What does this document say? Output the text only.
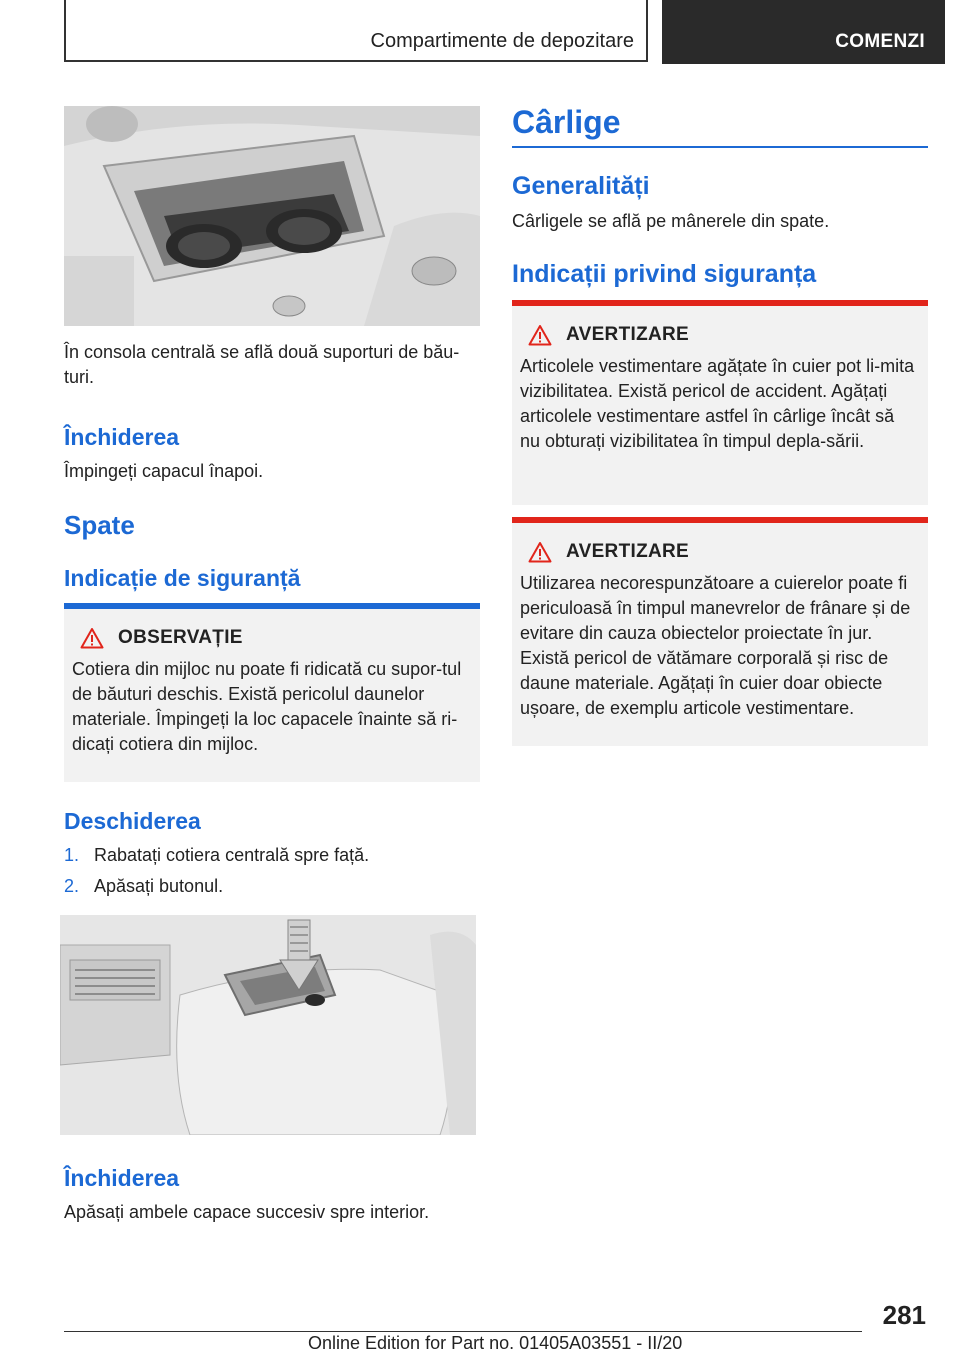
Compartimente de depozitare	COMENZI

În consola centrală se află două suporturi de bău‐turi.

Închiderea

Împingeți capacul înapoi.

Spate
Indicație de siguranță
OBSERVAȚIE

Cotiera din mijloc nu poate fi ridicată cu supor‐tul de băuturi deschis. Există pericolul daunelor materiale. Împingeți la loc capacele înainte să ri‐dicați cotiera din mijloc.

Deschiderea
1. Rabatați cotiera centrală spre față.
2. Apăsați butonul.
Închiderea

Apăsați ambele capace succesiv spre interior.

Cârlige
Generalități

Cârligele se află pe mânerele din spate.

Indicații privind siguranța
AVERTIZARE

Articolele vestimentare agățate în cuier pot li‐mita vizibilitatea. Există pericol de accident. Agățați articolele vestimentare astfel în cârlige încât să nu obturați vizibilitatea în timpul depla‐sării.

AVERTIZARE

Utilizarea necorespunzătoare a cuierelor poate fi periculoasă în timpul manevrelor de frânare și de evitare din cauza obiectelor proiectate în jur. Există pericol de vătămare corporală și risc de daune materiale. Agățați în cuier doar obiecte ușoare, de exemplu articole vestimentare.

281
Online Edition for Part no. 01405A03551 - II/20
